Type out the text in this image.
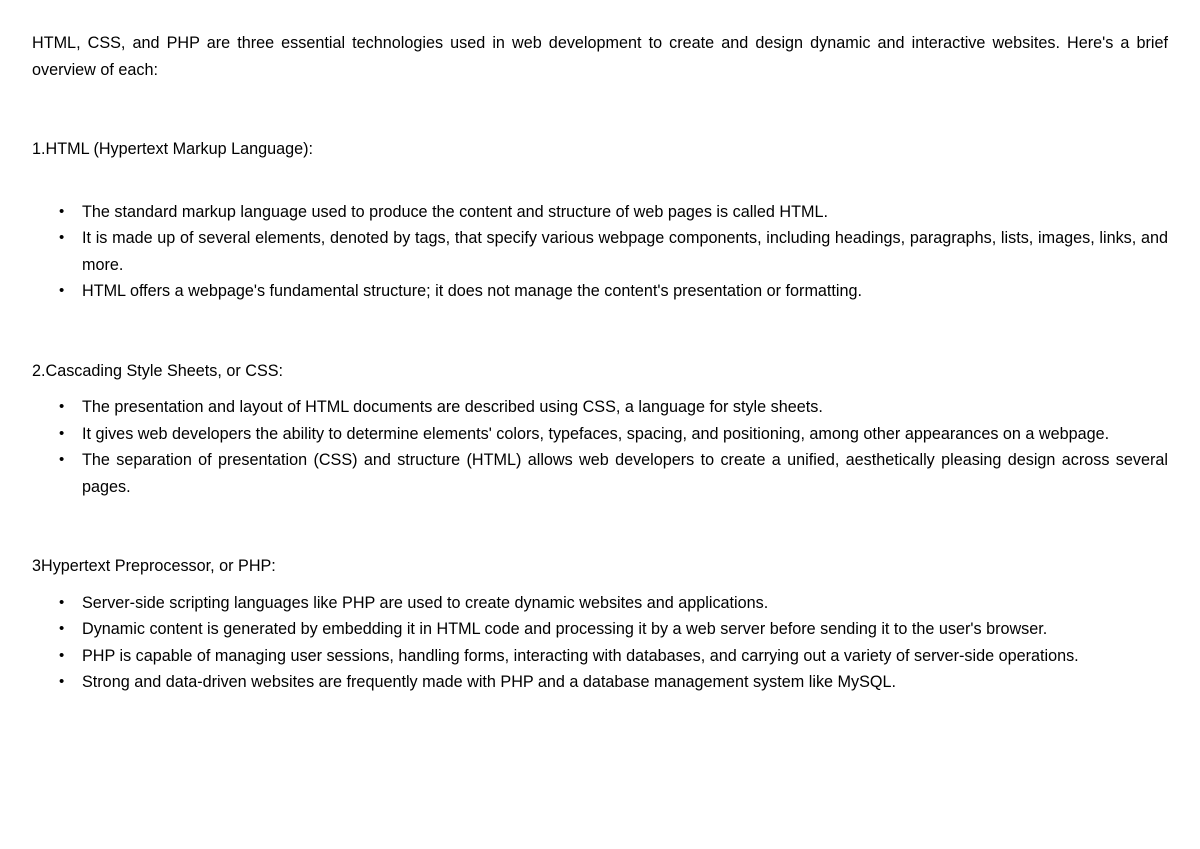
HTML, CSS, and PHP are three essential technologies used in web development to create and design dynamic and interactive websites. Here's a brief overview of each:

1.HTML (Hypertext Markup Language):

• The standard markup language used to produce the content and structure of web pages is called HTML.
• It is made up of several elements, denoted by tags, that specify various webpage components, including headings, paragraphs, lists, images, links, and more.
• HTML offers a webpage's fundamental structure; it does not manage the content's presentation or formatting.

2.Cascading Style Sheets, or CSS:

• The presentation and layout of HTML documents are described using CSS, a language for style sheets.
• It gives web developers the ability to determine elements' colors, typefaces, spacing, and positioning, among other appearances on a webpage.
• The separation of presentation (CSS) and structure (HTML) allows web developers to create a unified, aesthetically pleasing design across several pages.

3Hypertext Preprocessor, or PHP:

• Server-side scripting languages like PHP are used to create dynamic websites and applications.
• Dynamic content is generated by embedding it in HTML code and processing it by a web server before sending it to the user's browser.
• PHP is capable of managing user sessions, handling forms, interacting with databases, and carrying out a variety of server-side operations.
• Strong and data-driven websites are frequently made with PHP and a database management system like MySQL.
